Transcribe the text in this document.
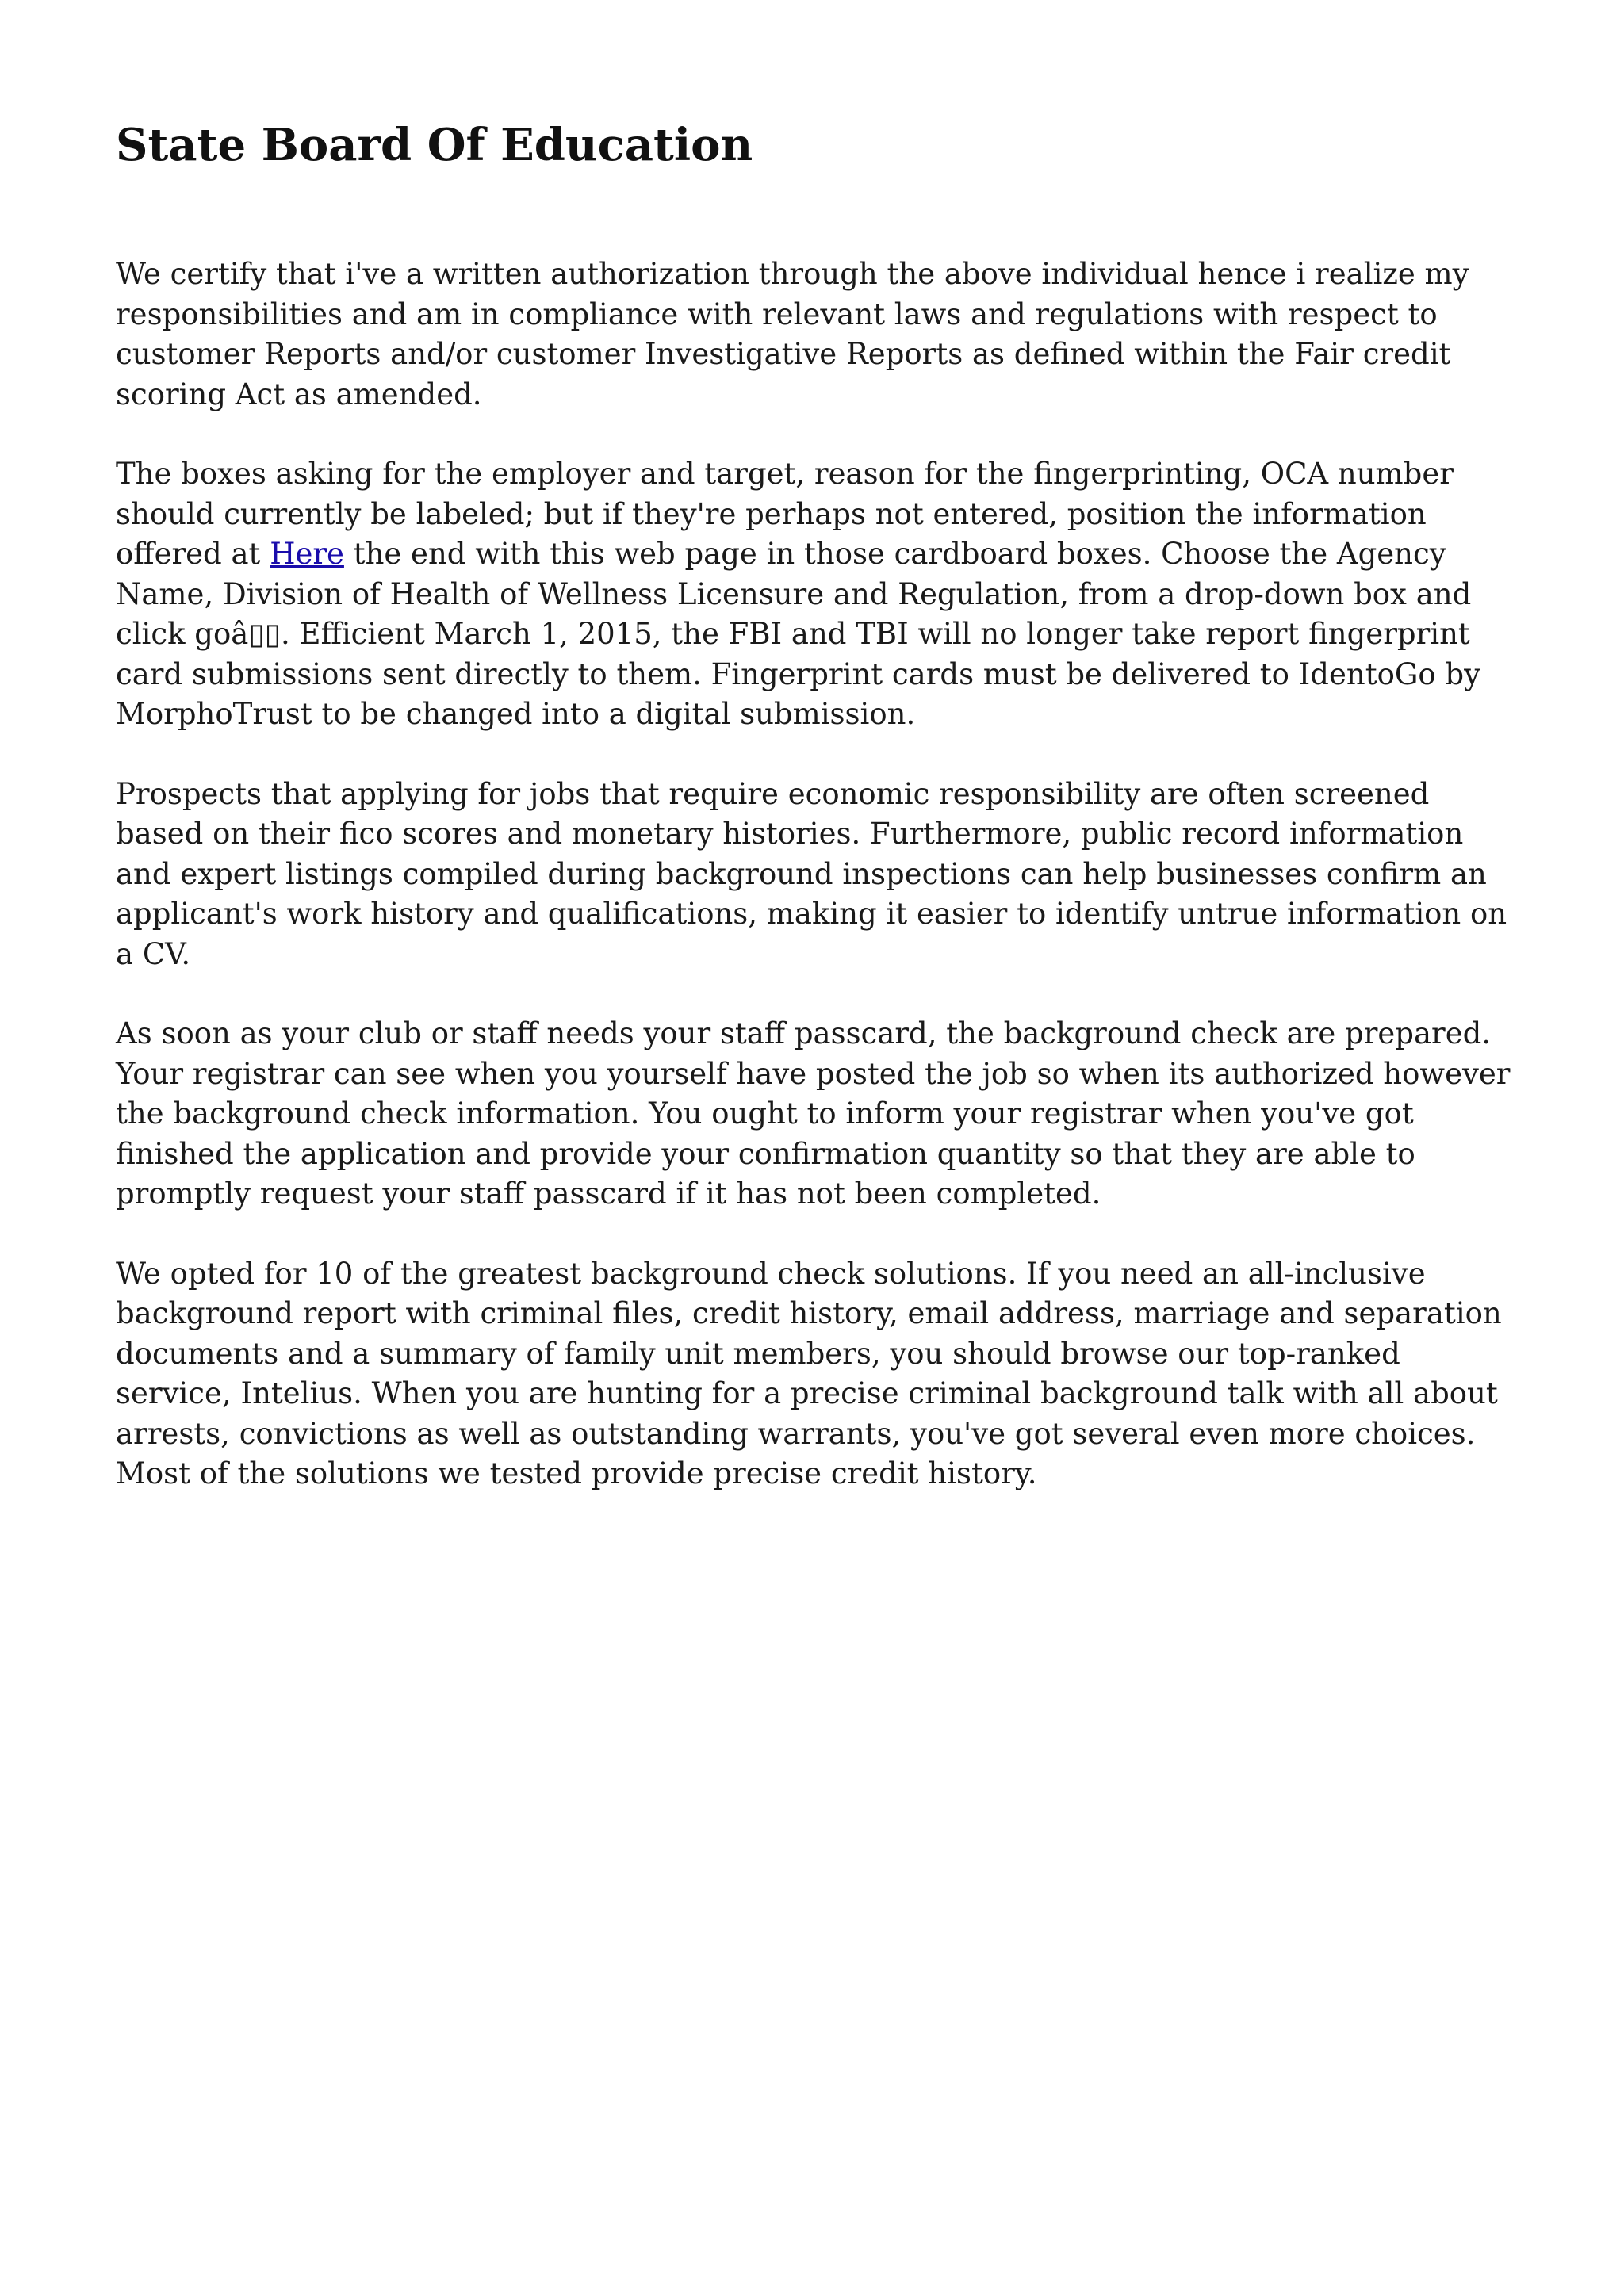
State Board Of Education

We certify that i've a written authorization through the above individual hence i realize my responsibilities and am in compliance with relevant laws and regulations with respect to customer Reports and/or customer Investigative Reports as defined within the Fair credit scoring Act as amended.

The boxes asking for the employer and target, reason for the fingerprinting, OCA number should currently be labeled; but if they're perhaps not entered, position the information offered at Here the end with this web page in those cardboard boxes. Choose the Agency Name, Division of Health of Wellness Licensure and Regulation, from a drop-down box and click goâ▯▯. Efficient March 1, 2015, the FBI and TBI will no longer take report fingerprint card submissions sent directly to them. Fingerprint cards must be delivered to IdentoGo by MorphoTrust to be changed into a digital submission.

Prospects that applying for jobs that require economic responsibility are often screened based on their fico scores and monetary histories. Furthermore, public record information and expert listings compiled during background inspections can help businesses confirm an applicant's work history and qualifications, making it easier to identify untrue information on a CV.

As soon as your club or staff needs your staff passcard, the background check are prepared. Your registrar can see when you yourself have posted the job so when its authorized however the background check information. You ought to inform your registrar when you've got finished the application and provide your confirmation quantity so that they are able to promptly request your staff passcard if it has not been completed.

We opted for 10 of the greatest background check solutions. If you need an all-inclusive background report with criminal files, credit history, email address, marriage and separation documents and a summary of family unit members, you should browse our top-ranked service, Intelius. When you are hunting for a precise criminal background talk with all about arrests, convictions as well as outstanding warrants, you've got several even more choices. Most of the solutions we tested provide precise credit history.
